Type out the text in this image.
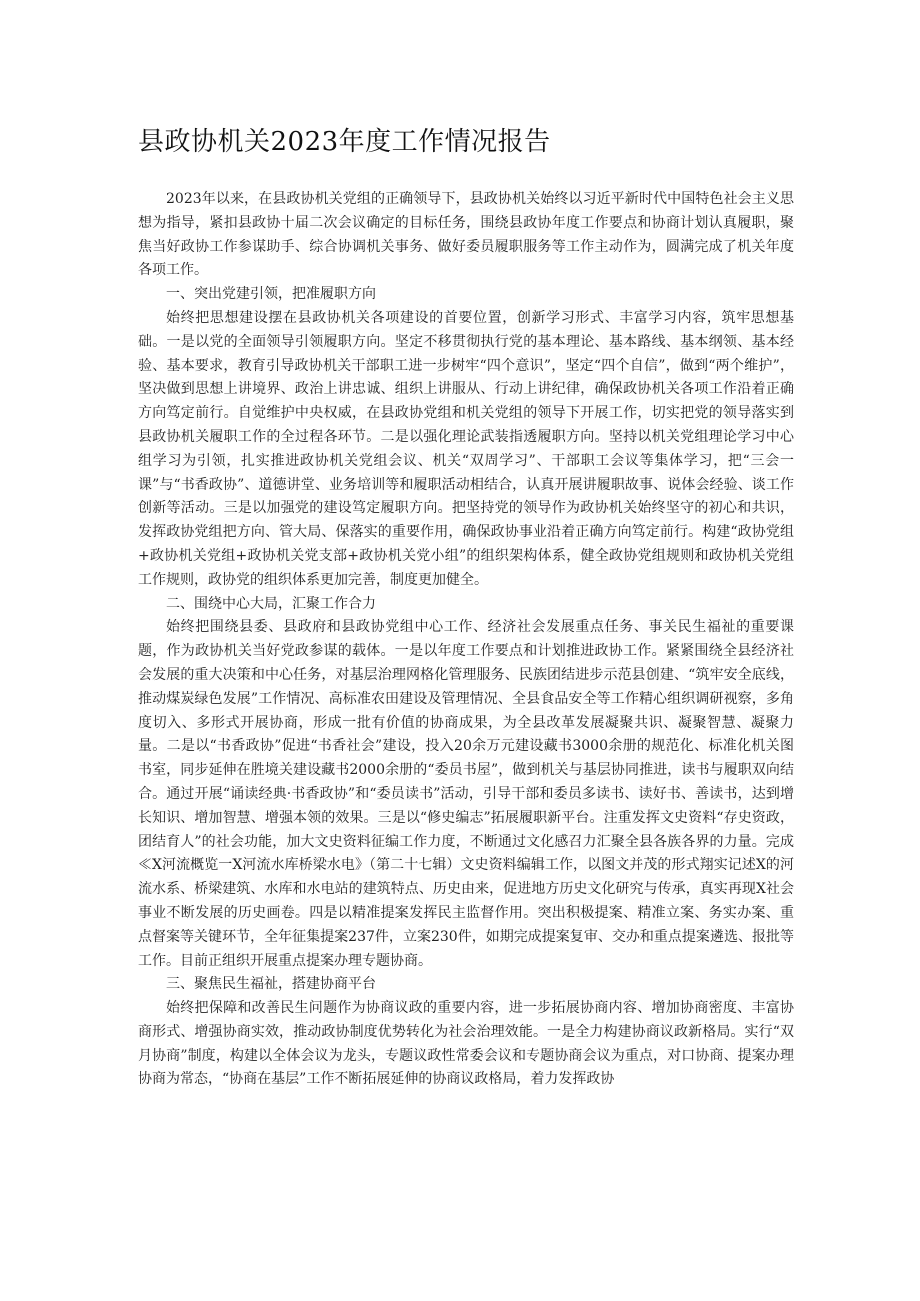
县政协机关2023年度工作情况报告

2023年以来，在县政协机关党组的正确领导下，县政协机关始终以习近平新时代中国特色社会主义思想为指导，紧扣县政协十届二次会议确定的目标任务，围绕县政协年度工作要点和协商计划认真履职，聚焦当好政协工作参谋助手、综合协调机关事务、做好委员履职服务等工作主动作为，圆满完成了机关年度各项工作。

一、突出党建引领，把准履职方向

始终把思想建设摆在县政协机关各项建设的首要位置，创新学习形式、丰富学习内容，筑牢思想基础。一是以党的全面领导引领履职方向。坚定不移贯彻执行党的基本理论、基本路线、基本纲领、基本经验、基本要求，教育引导政协机关干部职工进一步树牢“四个意识”，坚定“四个自信”，做到“两个维护”，坚决做到思想上讲境界、政治上讲忠诚、组织上讲服从、行动上讲纪律，确保政协机关各项工作沿着正确方向笃定前行。自觉维护中央权威，在县政协党组和机关党组的领导下开展工作，切实把党的领导落实到县政协机关履职工作的全过程各环节。二是以强化理论武装指透履职方向。坚持以机关党组理论学习中心组学习为引领，扎实推进政协机关党组会议、机关“双周学习”、干部职工会议等集体学习，把“三会一课”与“书香政协”、道德讲堂、业务培训等和履职活动相结合，认真开展讲履职故事、说体会经验、谈工作创新等活动。三是以加强党的建设笃定履职方向。把坚持党的领导作为政协机关始终坚守的初心和共识，发挥政协党组把方向、管大局、保落实的重要作用，确保政协事业沿着正确方向笃定前行。构建“政协党组+政协机关党组+政协机关党支部+政协机关党小组”的组织架构体系，健全政协党组规则和政协机关党组工作规则，政协党的组织体系更加完善，制度更加健全。

二、围绕中心大局，汇聚工作合力

始终把围绕县委、县政府和县政协党组中心工作、经济社会发展重点任务、事关民生福祉的重要课题，作为政协机关当好党政参谋的载体。一是以年度工作要点和计划推进政协工作。紧紧围绕全县经济社会发展的重大决策和中心任务，对基层治理网格化管理服务、民族团结进步示范县创建、“筑牢安全底线，推动煤炭绿色发展”工作情况、高标准农田建设及管理情况、全县食品安全等工作精心组织调研视察，多角度切入、多形式开展协商，形成一批有价值的协商成果，为全县改革发展凝聚共识、凝聚智慧、凝聚力量。二是以“书香政协”促进“书香社会”建设，投入20余万元建设藏书3000余册的规范化、标准化机关图书室，同步延伸在胜境关建设藏书2000余册的“委员书屋”，做到机关与基层协同推进，读书与履职双向结合。通过开展“诵读经典·书香政协”和“委员读书”活动，引导干部和委员多读书、读好书、善读书，达到增长知识、增加智慧、增强本领的效果。三是以“修史编志”拓展履职新平台。注重发挥文史资料“存史资政，团结育人”的社会功能，加大文史资料征编工作力度，不断通过文化感召力汇聚全县各族各界的力量。完成≪X河流概览一X河流水库桥梁水电》（第二十七辑）文史资料编辑工作，以图文并茂的形式翔实记述X的河流水系、桥梁建筑、水库和水电站的建筑特点、历史由来，促进地方历史文化研究与传承，真实再现X社会事业不断发展的历史画卷。四是以精准提案发挥民主监督作用。突出积极提案、精准立案、务实办案、重点督案等关键环节，全年征集提案237件，立案230件，如期完成提案复审、交办和重点提案遴选、报批等工作。目前正组织开展重点提案办理专题协商。

三、聚焦民生福祉，搭建协商平台

始终把保障和改善民生问题作为协商议政的重要内容，进一步拓展协商内容、增加协商密度、丰富协商形式、增强协商实效，推动政协制度优势转化为社会治理效能。一是全力构建协商议政新格局。实行“双月协商”制度，构建以全体会议为龙头，专题议政性常委会议和专题协商会议为重点，对口协商、提案办理协商为常态，“协商在基层”工作不断拓展延伸的协商议政格局，着力发挥政协
